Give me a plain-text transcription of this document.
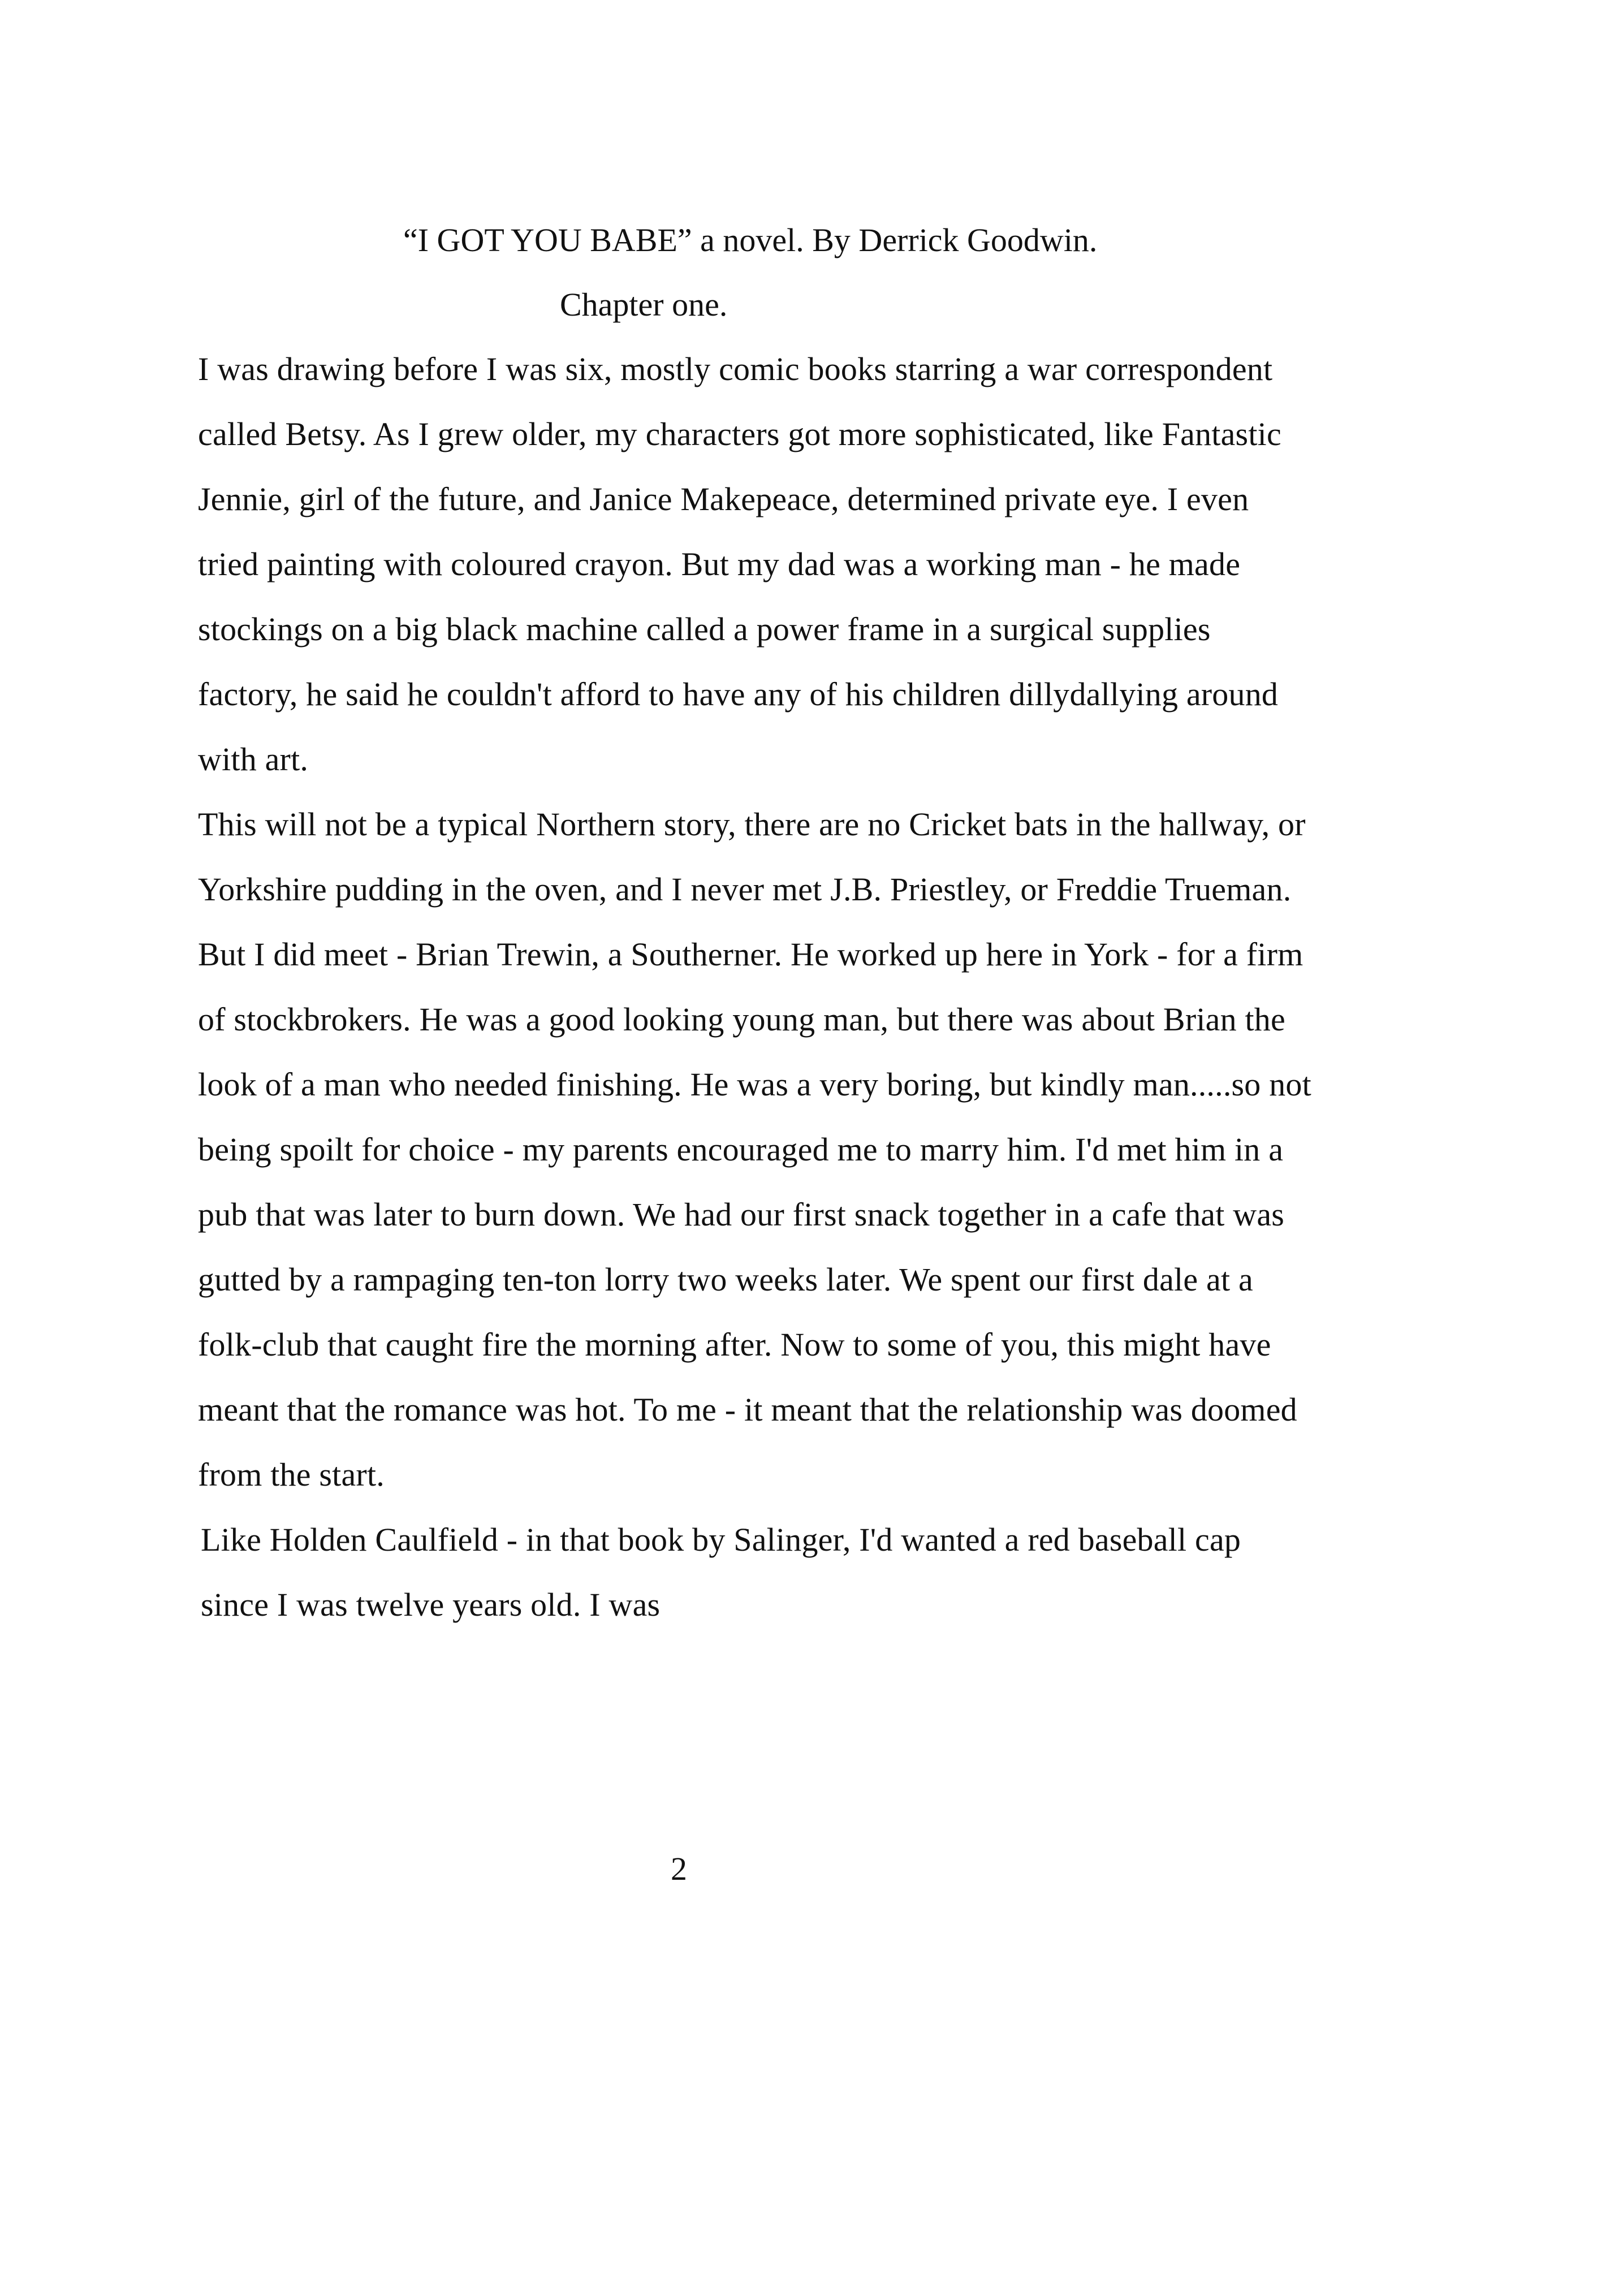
“I GOT YOU BABE” a novel. By Derrick Goodwin.
Chapter one.
I was drawing before I was six, mostly comic books starring a war correspondent
called Betsy. As I grew older, my characters got more sophisticated, like Fantastic
Jennie, girl of the future, and Janice Makepeace, determined private eye. I even
tried painting with coloured crayon. But my dad was a working man - he made
stockings on a big black machine called a power frame in a surgical supplies
factory, he said he couldn't afford to have any of his children dillydallying around
with art.
This will not be a typical Northern story, there are no Cricket bats in the hallway, or
Yorkshire pudding in the oven, and I never met J.B. Priestley, or Freddie Trueman.
But I did meet - Brian Trewin, a Southerner. He worked up here in York - for a firm
of stockbrokers. He was a good looking young man, but there was about Brian the
look of a man who needed finishing. He was a very boring, but kindly man.....so not
being spoilt for choice - my parents encouraged me to marry him. I'd met him in a
pub that was later to burn down. We had our first snack together in a cafe that was
gutted by a rampaging ten-ton lorry two weeks later. We spent our first dale at a
folk-club that caught fire the morning after. Now to some of you, this might have
meant that the romance was hot. To me - it meant that the relationship was doomed
from the start.
Like Holden Caulfield - in that book by Salinger, I'd wanted a red baseball cap
since I was twelve years old. I was
2
